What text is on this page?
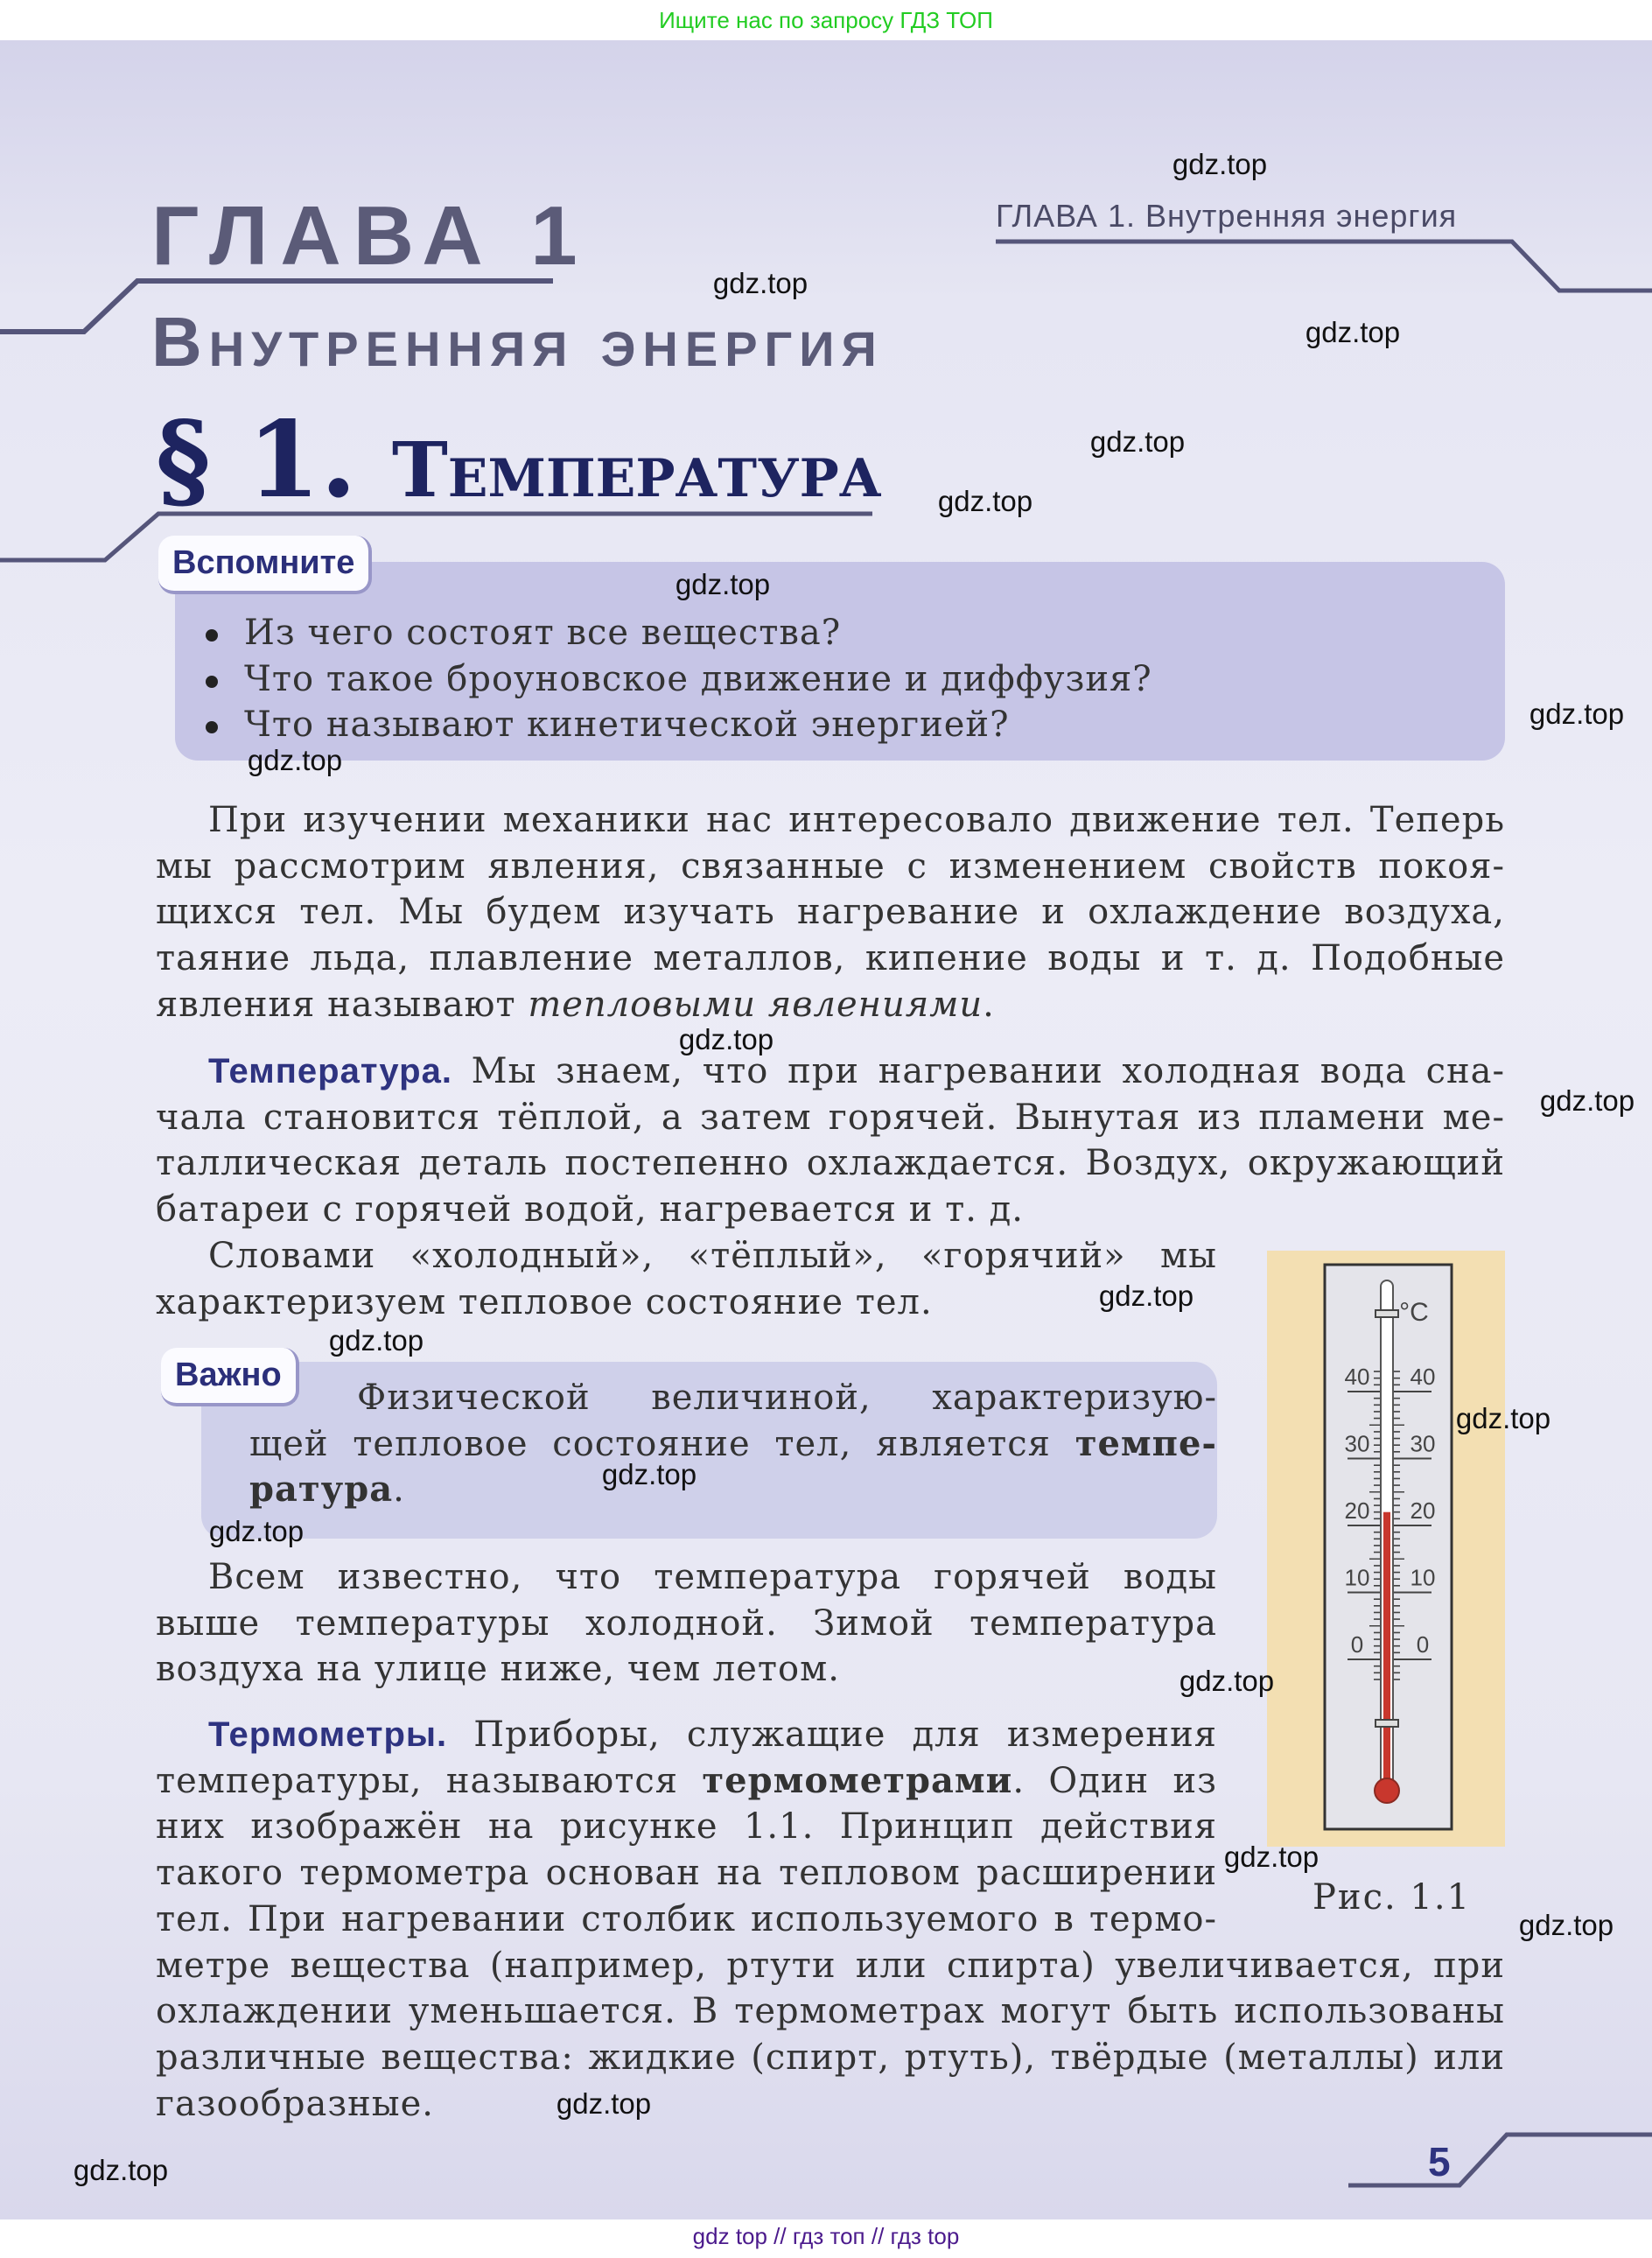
Ищите нас по запросу ГДЗ ТОП
ГЛАВА 1
Внутренняя энергия
ГЛАВА 1. Внутренняя энергия
§ 1. Температура
Вспомните
Из чего состоят все вещества?
Что такое броуновское движение и диффузия?
Что называют кинетической энергией?
Важно
Физической величиной, характеризую-
щей тепловое состояние тел, является темпе-
ратура.
При изучении механики нас интересовало движение тел. Теперь
мы рассмотрим явления, связанные с изменением свойств покоя-
щихся тел. Мы будем изучать нагревание и охлаждение воздуха,
таяние льда, плавление металлов, кипение воды и т. д. Подобные
явления называют тепловыми явлениями.
Температура. Мы знаем, что при нагревании холодная вода сна-
чала становится тёплой, а затем горячей. Вынутая из пламени ме-
таллическая деталь постепенно охлаждается. Воздух, окружающий
батареи с горячей водой, нагревается и т. д.
Словами «холодный», «тёплый», «горячий» мы
характеризуем тепловое состояние тел.
Всем известно, что температура горячей воды
выше температуры холодной. Зимой температура
воздуха на улице ниже, чем летом.
Термометры. Приборы, служащие для измерения
температуры, называются термометрами. Один из
них изображён на рисунке 1.1. Принцип действия
такого термометра основан на тепловом расширении
тел. При нагревании столбик используемого в термо-
метре вещества (например, ртути или спирта) увеличивается, при
охлаждении уменьшается. В термометрах могут быть использованы
различные вещества: жидкие (спирт, ртуть), твёрдые (металлы) или
газообразные.
40 40
30 30
20 20
10 10
0 0
°C
Рис. 1.1
5
gdz.top
gdz.top
gdz.top
gdz.top
gdz.top
gdz.top
gdz.top
gdz.top
gdz.top
gdz.top
gdz.top
gdz.top
gdz.top
gdz.top
gdz.top
gdz.top
gdz.top
gdz.top
gdz.top
gdz.top
gdz top // гдз топ // гдз top
